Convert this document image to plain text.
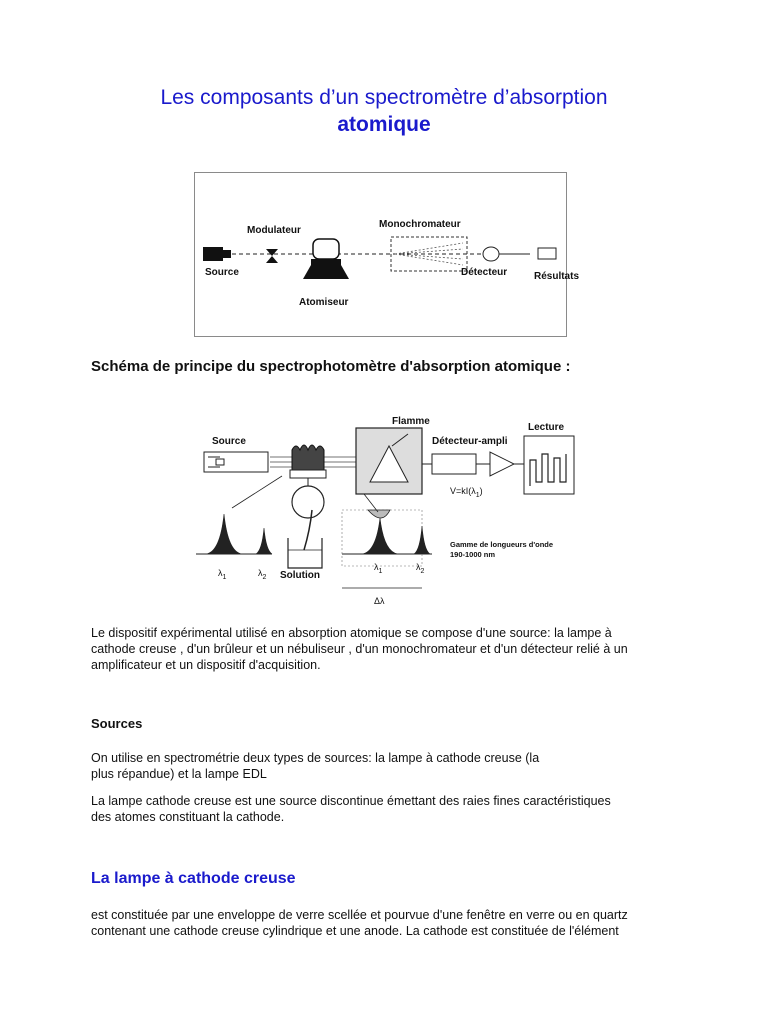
Les composants d’un spectromètre d’absorption
atomique
Modulateur
Monochromateur
Source	Détecteur	Résultats
Atomiseur
Schéma de principe du spectrophotomètre d'absorption atomique :
Source
Flamme
Détecteur-ampli
Lecture
Solution
$V=kI(\lambda_1)$
$\lambda_1$	$\lambda_2$
$\lambda_1$	$\lambda_2$
Δλ
Gamme de longueurs d'onde
190-1000 nm

Le dispositif expérimental utilisé en absorption atomique se compose d'une source: la lampe à
cathode creuse , d'un brûleur et un nébuliseur , d'un monochromateur et d'un détecteur relié à un
amplificateur et un dispositif d'acquisition.

Sources

On utilise en spectrométrie deux types de sources: la lampe à cathode creuse (la
plus répandue) et la lampe EDL

La lampe cathode creuse est une source discontinue émettant des raies fines caractéristiques
des atomes constituant la cathode.

La lampe à cathode creuse

est constituée par une enveloppe de verre scellée et pourvue d'une fenêtre en verre ou en quartz
contenant une cathode creuse cylindrique et une anode. La cathode est constituée de l'élément
